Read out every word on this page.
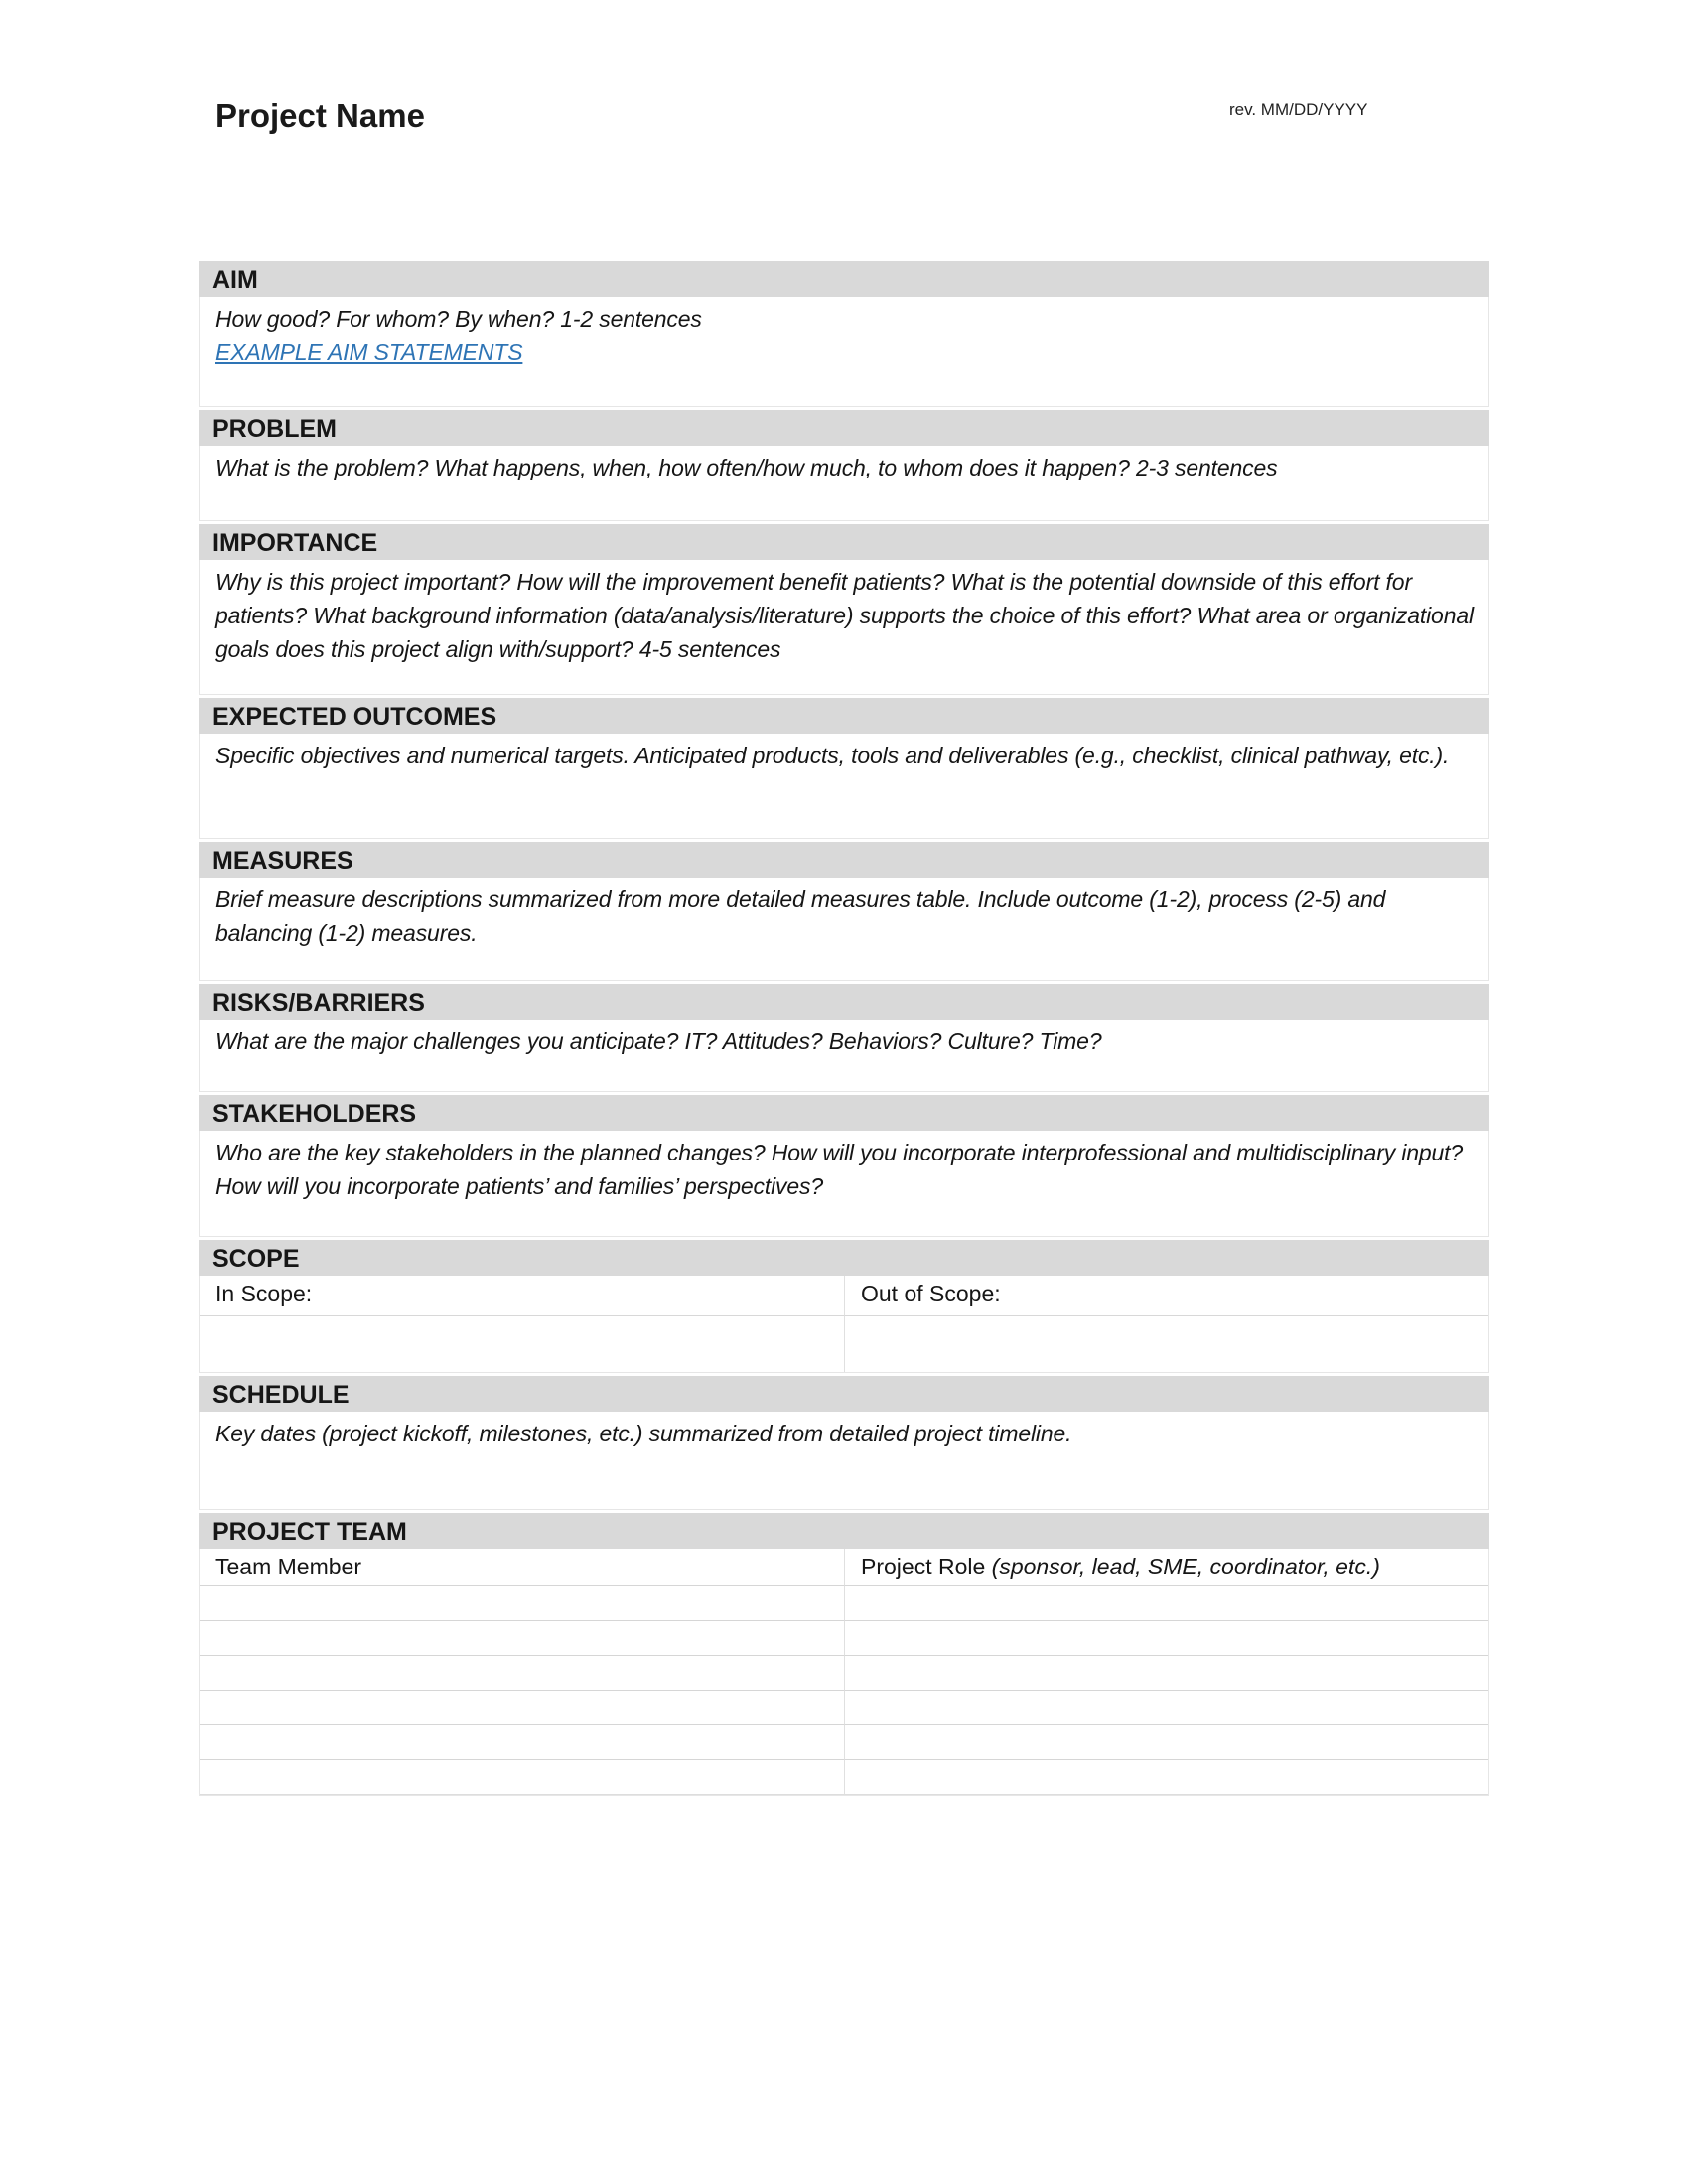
Project Name	rev. MM/DD/YYYY
AIM
How good? For whom? By when? 1-2 sentences
EXAMPLE AIM STATEMENTS
PROBLEM
What is the problem? What happens, when, how often/how much, to whom does it happen? 2-3 sentences
IMPORTANCE
Why is this project important? How will the improvement benefit patients? What is the potential downside of this effort for patients? What background information (data/analysis/literature) supports the choice of this effort? What area or organizational goals does this project align with/support? 4-5 sentences
EXPECTED OUTCOMES
Specific objectives and numerical targets. Anticipated products, tools and deliverables (e.g., checklist, clinical pathway, etc.).
MEASURES
Brief measure descriptions summarized from more detailed measures table. Include outcome (1-2), process (2-5) and balancing (1-2) measures.
RISKS/BARRIERS
What are the major challenges you anticipate? IT? Attitudes? Behaviors? Culture? Time?
STAKEHOLDERS
Who are the key stakeholders in the planned changes? How will you incorporate interprofessional and multidisciplinary input? How will you incorporate patients’ and families’ perspectives?
SCOPE
In Scope:	Out of Scope:
SCHEDULE
Key dates (project kickoff, milestones, etc.) summarized from detailed project timeline.
PROJECT TEAM
Team Member	Project Role (sponsor, lead, SME, coordinator, etc.)
